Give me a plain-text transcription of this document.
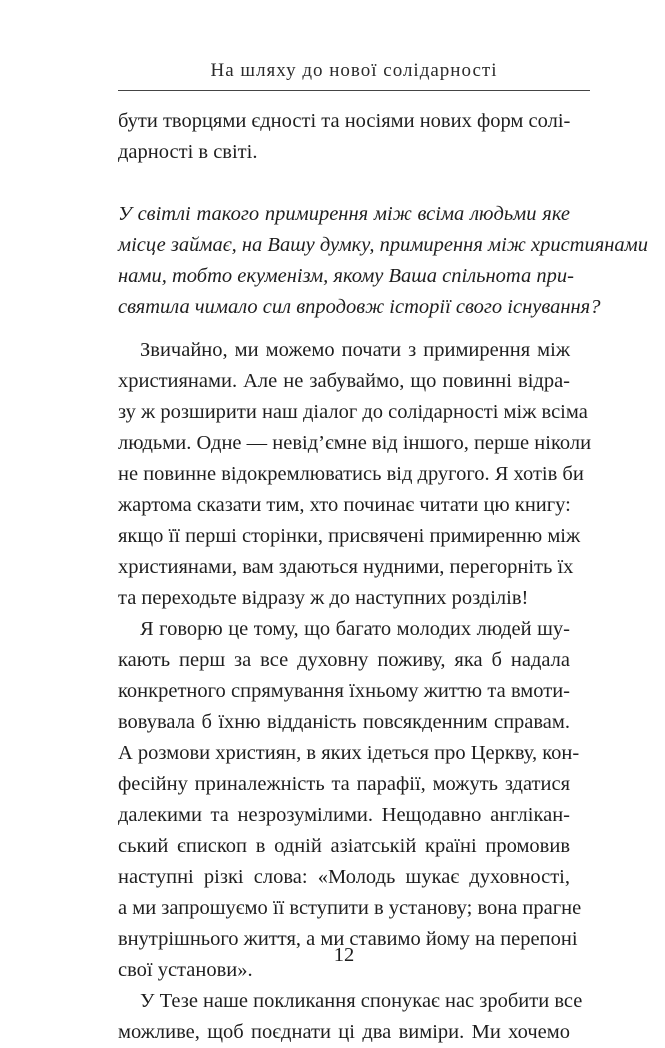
На шляху до нової солідарності
бути творцями єдності та носіями нових форм солі-
дарності в світі.
У світлі такого примирення між всіма людьми яке
місце займає, на Вашу думку, примирення між християнами
нами, тобто екуменізм, якому Ваша спільнота при-
святила чимало сил впродовж історії свого існування?
Звичайно, ми можемо почати з примирення між
християнами. Але не забуваймо, що повинні відра-
зу ж розширити наш діалог до солідарності між всіма
людьми. Одне — невід’ємне від іншого, перше ніколи
не повинне відокремлюватись від другого. Я хотів би
жартома сказати тим, хто починає читати цю книгу:
якщо її перші сторінки, присвячені примиренню між
християнами, вам здаються нудними, перегорніть їх
та переходьте відразу ж до наступних розділів!
Я говорю це тому, що багато молодих людей шу-
кають перш за все духовну поживу, яка б надала
конкретного спрямування їхньому життю та вмоти-
вовувала б їхню відданість повсякденним справам.
А розмови християн, в яких ідеться про Церкву, кон-
фесійну приналежність та парафії, можуть здатися
далекими та незрозумілими. Нещодавно англікан-
ський єпископ в одній азіатській країні промовив
наступні різкі слова: «Молодь шукає духовності,
а ми запрошуємо її вступити в установу; вона прагне
внутрішнього життя, а ми ставимо йому на перепоні
свої установи».
У Тезе наше покликання спонукає нас зробити все
можливе, щоб поєднати ці два виміри. Ми хочемо
12
